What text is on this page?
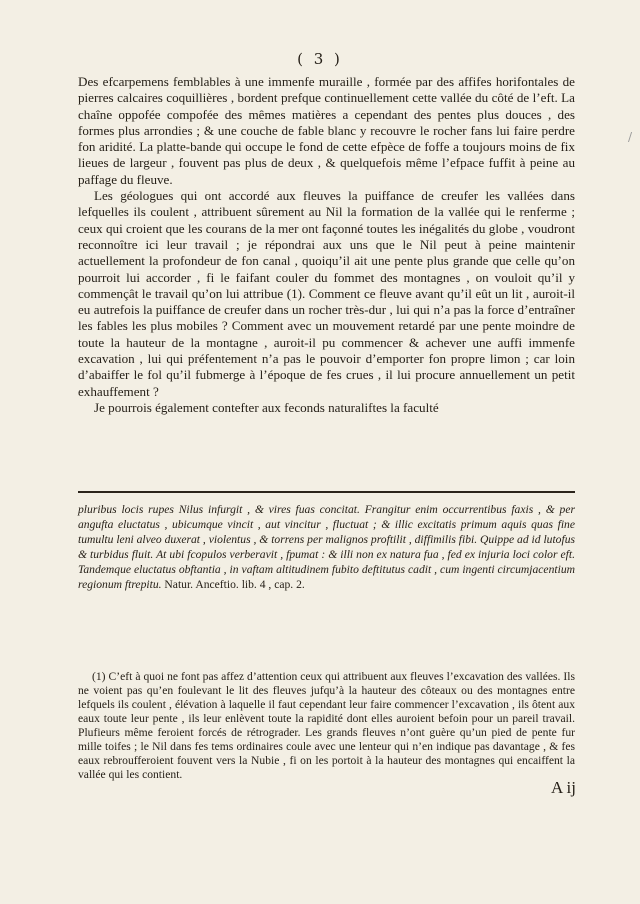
( 3 )
/

Des efcarpemens femblables à une immenfe muraille , formée par des affifes horifontales de pierres calcaires coquillières , bordent prefque continuellement cette vallée du côté de l’eft. La chaîne oppofée compofée des mêmes matières a cependant des pentes plus douces , des formes plus arrondies ; & une couche de fable blanc y recouvre le rocher fans lui faire perdre fon aridité. La platte-bande qui occupe le fond de cette efpèce de foffe a toujours moins de fix lieues de largeur , fouvent pas plus de deux , & quelquefois même l’efpace fuffit à peine au paffage du fleuve.

Les géologues qui ont accordé aux fleuves la puiffance de creufer les vallées dans lefquelles ils coulent , attribuent sûrement au Nil la formation de la vallée qui le renferme ; ceux qui croient que les courans de la mer ont façonné toutes les inégalités du globe , voudront reconnoître ici leur travail ; je répondrai aux uns que le Nil peut à peine maintenir actuellement la profondeur de fon canal , quoiqu’il ait une pente plus grande que celle qu’on pourroit lui accorder , fi le faifant couler du fommet des montagnes , on vouloit qu’il y commençât le travail qu’on lui attribue (1). Comment ce fleuve avant qu’il eût un lit , auroit-il eu autrefois la puiffance de creufer dans un rocher très-dur , lui qui n’a pas la force d’entraîner les fables les plus mobiles ? Comment avec un mouvement retardé par une pente moindre de toute la hauteur de la montagne , auroit-il pu commencer & achever une auffi immenfe excavation , lui qui préfentement n’a pas le pouvoir d’emporter fon propre limon ; car loin d’abaiffer le fol qu’il fubmerge à l’époque de fes crues , il lui procure annuellement un petit exhauffement ?

Je pourrois également contefter aux feconds naturaliftes la faculté

pluribus locis rupes Nilus infurgit , & vires fuas concitat. Frangitur enim occurrentibus faxis , & per angufta eluctatus , ubicumque vincit , aut vincitur , fluctuat ; & illic excitatis primum aquis quas fine tumultu leni alveo duxerat , violentus , & torrens per malignos proftilit , diffimilis fibi. Quippe ad id lutofus & turbidus fluit. At ubi fcopulos verberavit , fpumat : & illi non ex natura fua , fed ex injuria loci color eft. Tandemque eluctatus obftantia , in vaftam altitudinem fubito deftitutus cadit , cum ingenti circumjacentium regionum ftrepitu. Natur. Anceftio. lib. 4 , cap. 2.
(1) C’eft à quoi ne font pas affez d’attention ceux qui attribuent aux fleuves l’excavation des vallées. Ils ne voient pas qu’en foulevant le lit des fleuves jufqu’à la hauteur des côteaux ou des montagnes entre lefquels ils coulent , élévation à laquelle il faut cependant leur faire commencer l’excavation , ils ôtent aux eaux toute leur pente , ils leur enlèvent toute la rapidité dont elles auroient befoin pour un pareil travail. Plufieurs même feroient forcés de rétrograder. Les grands fleuves n’ont guère qu’un pied de pente fur mille toifes ; le Nil dans fes tems ordinaires coule avec une lenteur qui n’en indique pas davantage , & fes eaux rebroufferoient fouvent vers la Nubie , fi on les portoit à la hauteur des montagnes qui encaiffent la vallée qui les contient.
A ij
